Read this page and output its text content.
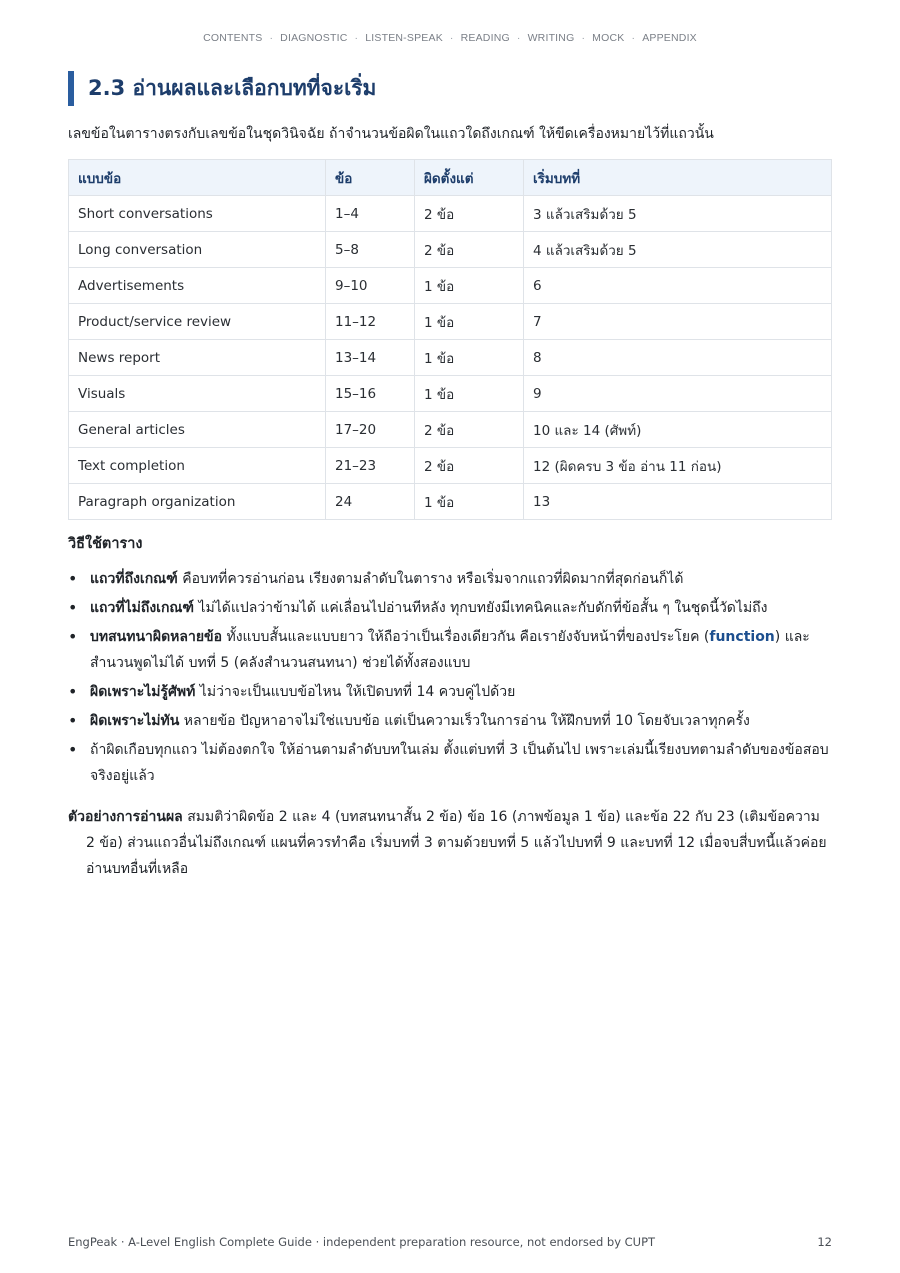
CONTENTS · DIAGNOSTIC · LISTEN-SPEAK · READING · WRITING · MOCK · APPENDIX
2.3 อ่านผลและเลือกบทที่จะเริ่ม
เลขข้อในตารางตรงกับเลขข้อในชุดวินิจฉัย ถ้าจำนวนข้อผิดในแถวใดถึงเกณฑ์ ให้ขีดเครื่องหมายไว้ที่แถวนั้น
แบบข้อ	ข้อ	ผิดตั้งแต่	เริ่มบทที่
Short conversations	1–4	2 ข้อ	3 แล้วเสริมด้วย 5
Long conversation	5–8	2 ข้อ	4 แล้วเสริมด้วย 5
Advertisements	9–10	1 ข้อ	6
Product/service review	11–12	1 ข้อ	7
News report	13–14	1 ข้อ	8
Visuals	15–16	1 ข้อ	9
General articles	17–20	2 ข้อ	10 และ 14 (ศัพท์)
Text completion	21–23	2 ข้อ	12 (ผิดครบ 3 ข้อ อ่าน 11 ก่อน)
Paragraph organization	24	1 ข้อ	13
วิธีใช้ตาราง
• แถวที่ถึงเกณฑ์ คือบทที่ควรอ่านก่อน เรียงตามลำดับในตาราง หรือเริ่มจากแถวที่ผิดมากที่สุดก่อนก็ได้
• แถวที่ไม่ถึงเกณฑ์ ไม่ได้แปลว่าข้ามได้ แค่เลื่อนไปอ่านทีหลัง ทุกบทยังมีเทคนิคและกับดักที่ข้อสั้น ๆ ในชุดนี้วัดไม่ถึง
• บทสนทนาผิดหลายข้อ ทั้งแบบสั้นและแบบยาว ให้ถือว่าเป็นเรื่องเดียวกัน คือเรายังจับหน้าที่ของประโยค (function) และสำนวนพูดไม่ได้ บทที่ 5 (คลังสำนวนสนทนา) ช่วยได้ทั้งสองแบบ
• ผิดเพราะไม่รู้ศัพท์ ไม่ว่าจะเป็นแบบข้อไหน ให้เปิดบทที่ 14 ควบคู่ไปด้วย
• ผิดเพราะไม่ทัน หลายข้อ ปัญหาอาจไม่ใช่แบบข้อ แต่เป็นความเร็วในการอ่าน ให้ฝึกบทที่ 10 โดยจับเวลาทุกครั้ง
• ถ้าผิดเกือบทุกแถว ไม่ต้องตกใจ ให้อ่านตามลำดับบทในเล่ม ตั้งแต่บทที่ 3 เป็นต้นไป เพราะเล่มนี้เรียงบทตามลำดับของข้อสอบจริงอยู่แล้ว
ตัวอย่างการอ่านผล สมมติว่าผิดข้อ 2 และ 4 (บทสนทนาสั้น 2 ข้อ) ข้อ 16 (ภาพข้อมูล 1 ข้อ) และข้อ 22 กับ 23 (เติมข้อความ 2 ข้อ) ส่วนแถวอื่นไม่ถึงเกณฑ์ แผนที่ควรทำคือ เริ่มบทที่ 3 ตามด้วยบทที่ 5 แล้วไปบทที่ 9 และบทที่ 12 เมื่อจบสี่บทนี้แล้วค่อยอ่านบทอื่นที่เหลือ
EngPeak · A-Level English Complete Guide · independent preparation resource, not endorsed by CUPT	12
